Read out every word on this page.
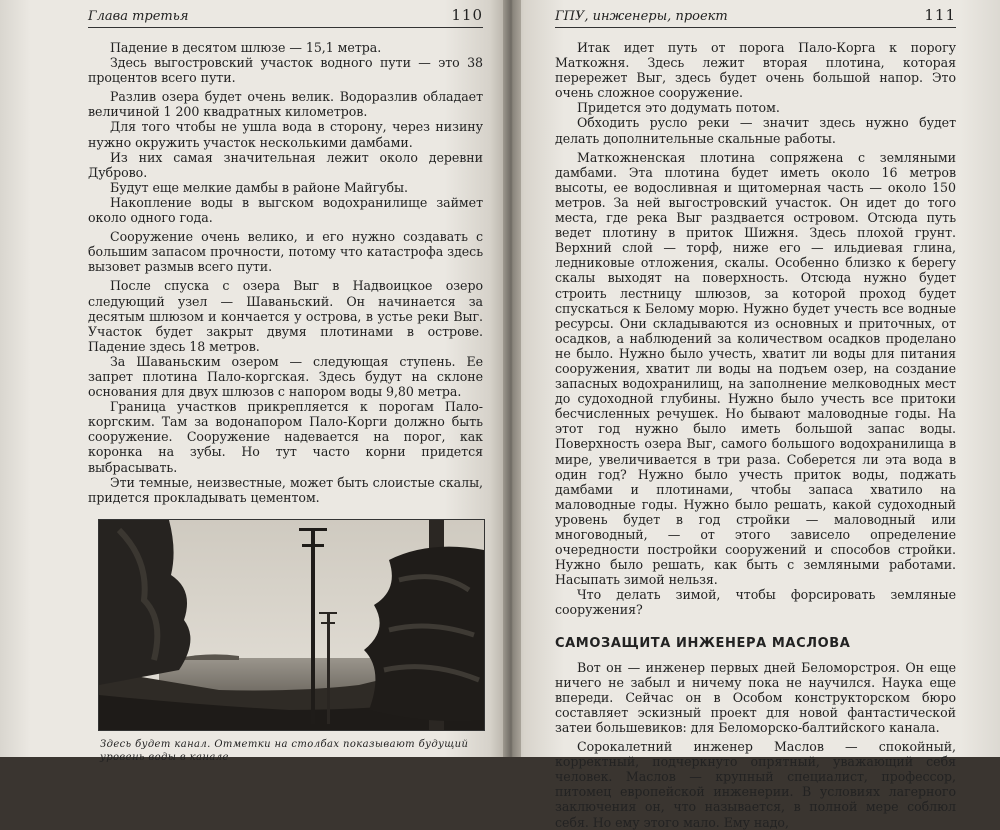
Глава третья	110

Падение в десятом шлюзе — 15,1 метра.

Здесь выгостровский участок водного пути — это 38 процентов всего пути.

Разлив озера будет очень велик. Водоразлив обладает величиной 1 200 квадратных километров.

Для того чтобы не ушла вода в сторону, через низину нужно окружить участок несколькими дамбами.

Из них самая значительная лежит около деревни Дуброво.

Будут еще мелкие дамбы в районе Майгубы.

Накопление воды в выгском водохранилище займет около одного года.

Сооружение очень велико, и его нужно создавать с большим запасом прочности, потому что катастрофа здесь вызовет размыв всего пути.

После спуска с озера Выг в Надвоицкое озеро следующий узел — Шаваньский. Он начинается за десятым шлюзом и кончается у острова, в устье реки Выг. Участок будет закрыт двумя плотинами в острове. Падение здесь 18 метров.

За Шаваньским озером — следующая ступень. Ее запрет плотина Пало-коргская. Здесь будут на склоне основания для двух шлюзов с напором воды 9,80 метра.

Граница участков прикрепляется к порогам Пало-коргским. Там за водонапором Пало-Корги должно быть сооружение. Сооружение надевается на порог, как коронка на зубы. Но тут часто корни придется выбрасывать.

Эти темные, неизвестные, может быть слоистые скалы, придется прокладывать цементом.

Здесь будет канал. Отметки на столбах показывают будущий уровень воды в канале
ГПУ, инженеры, проект	111

Итак идет путь от порога Пало-Корга к порогу Маткожня. Здесь лежит вторая плотина, которая перережет Выг, здесь будет очень большой напор. Это очень сложное сооружение.

Придется это додумать потом.

Обходить русло реки — значит здесь нужно будет делать дополнительные скальные работы.

Маткожненская плотина сопряжена с земляными дамбами. Эта плотина будет иметь около 16 метров высоты, ее водосливная и щитомерная часть — около 150 метров. За ней выгостровский участок. Он идет до того места, где река Выг раздвается островом. Отсюда путь ведет плотину в приток Шижня. Здесь плохой грунт. Верхний слой — торф, ниже его — ильдиевая глина, ледниковые отложения, скалы. Особенно близко к берегу скалы выходят на поверхность. Отсюда нужно будет строить лестницу шлюзов, за которой проход будет спускаться к Белому морю. Нужно будет учесть все водные ресурсы. Они складываются из основных и приточных, от осадков, а наблюдений за количеством осадков проделано не было. Нужно было учесть, хватит ли воды для питания сооружения, хватит ли воды на подъем озер, на создание запасных водохранилищ, на заполнение мелководных мест до судоходной глубины. Нужно было учесть все притоки бесчисленных речушек. Но бывают маловодные годы. На этот год нужно было иметь большой запас воды. Поверхность озера Выг, самого большого водохранилища в мире, увеличивается в три раза. Соберется ли эта вода в один год? Нужно было учесть приток воды, поджать дамбами и плотинами, чтобы запаса хватило на маловодные годы. Нужно было решать, какой судоходный уровень будет в год стройки — маловодный или многоводный, — от этого зависело определение очередности постройки сооружений и способов стройки. Нужно было решать, как быть с земляными работами. Насыпать зимой нельзя.

Что делать зимой, чтобы форсировать земляные сооружения?

САМОЗАЩИТА ИНЖЕНЕРА МАСЛОВА

Вот он — инженер первых дней Беломорстроя. Он еще ничего не забыл и ничему пока не научился. Наука еще впереди. Сейчас он в Особом конструкторском бюро составляет эскизный проект для новой фантастической затеи большевиков: для Беломорско-балтийского канала.

Сорокалетний инженер Маслов — спокойный, корректный, подчеркнуто опрятный, уважающий себя человек. Маслов — крупный специалист, профессор, питомец европейской инженерии. В условиях лагерного заключения он, что называется, в полной мере соблюл себя. Но ему этого мало. Ему надо,
